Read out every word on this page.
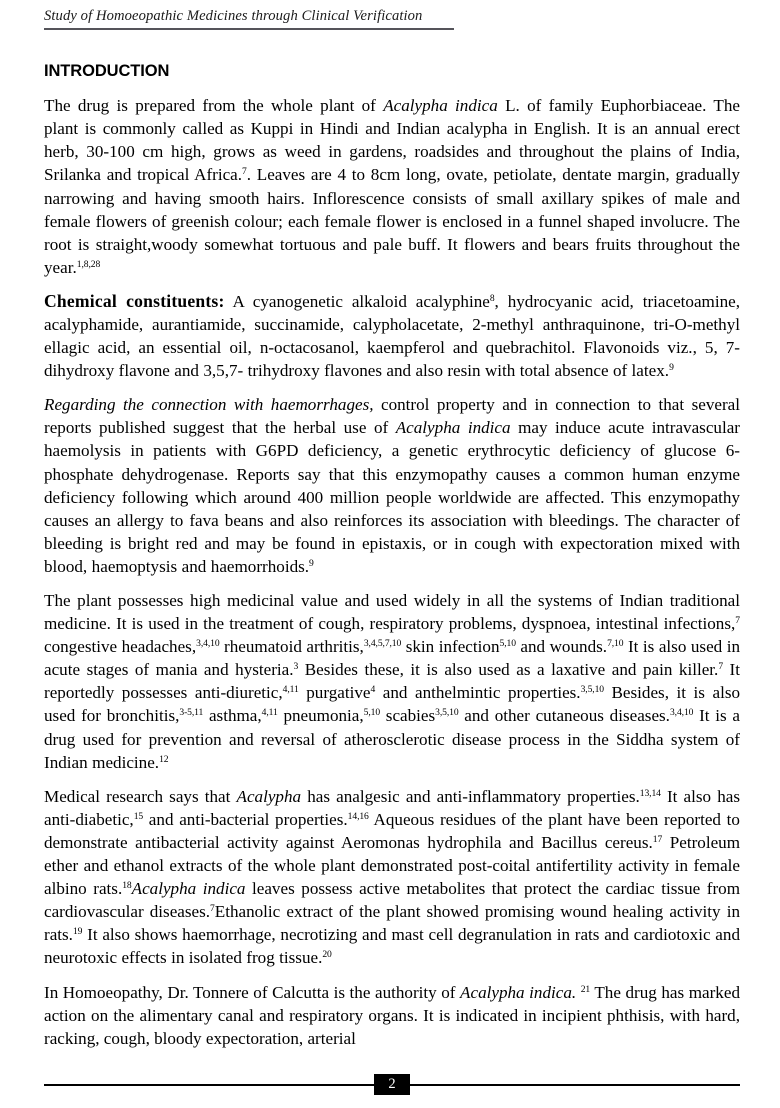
Study of Homoeopathic Medicines through Clinical Verification
INTRODUCTION

The drug is prepared from the whole plant of Acalypha indica L. of family Euphorbiaceae. The plant is commonly called as Kuppi in Hindi and Indian acalypha in English. It is an annual erect herb, 30-100 cm high, grows as weed in gardens, roadsides and throughout the plains of India, Srilanka and tropical Africa.$^7$. Leaves are 4 to 8cm long, ovate, petiolate, dentate margin, gradually narrowing and having smooth hairs. Inflorescence consists of small axillary spikes of male and female flowers of greenish colour; each female flower is enclosed in a funnel shaped involucre. The root is straight,woody somewhat tortuous and pale buff. It flowers and bears fruits throughout the year.$^{1,8,28}$

Chemical constituents: A cyanogenetic alkaloid acalyphine$^8$, hydrocyanic acid, triacetoamine, acalyphamide, aurantiamide, succinamide, calypholacetate, 2-methyl anthraquinone, tri-O-methyl ellagic acid, an essential oil, n-octacosanol, kaempferol and quebrachitol. Flavonoids viz., 5, 7-dihydroxy flavone and 3,5,7- trihydroxy flavones and also resin with total absence of latex.$^9$

Regarding the connection with haemorrhages, control property and in connection to that several reports published suggest that the herbal use of Acalypha indica may induce acute intravascular haemolysis in patients with G6PD deficiency, a genetic erythrocytic deficiency of glucose 6-phosphate dehydrogenase. Reports say that this enzymopathy causes a common human enzyme deficiency following which around 400 million people worldwide are affected. This enzymopathy causes an allergy to fava beans and also reinforces its association with bleedings. The character of bleeding is bright red and may be found in epistaxis, or in cough with expectoration mixed with blood, haemoptysis and haemorrhoids.$^9$

The plant possesses high medicinal value and used widely in all the systems of Indian traditional medicine. It is used in the treatment of cough, respiratory problems, dyspnoea, intestinal infections,$^7$ congestive headaches,$^{3,4,10}$ rheumatoid arthritis,$^{3,4,5,7,10}$ skin infection$^{5,10}$ and wounds.$^{7,10}$ It is also used in acute stages of mania and hysteria.$^3$ Besides these, it is also used as a laxative and pain killer.$^7$ It reportedly possesses anti-diuretic,$^{4,11}$ purgative$^4$ and anthelmintic properties.$^{3,5,10}$ Besides, it is also used for bronchitis,$^{3-5,11}$ asthma,$^{4,11}$ pneumonia,$^{5,10}$ scabies$^{3,5,10}$ and other cutaneous diseases.$^{3,4,10}$ It is a drug used for prevention and reversal of atherosclerotic disease process in the Siddha system of Indian medicine.$^{12}$

Medical research says that Acalypha has analgesic and anti-inflammatory properties.$^{13,14}$ It also has anti-diabetic,$^{15}$ and anti-bacterial properties.$^{14,16}$ Aqueous residues of the plant have been reported to demonstrate antibacterial activity against Aeromonas hydrophila and Bacillus cereus.$^{17}$ Petroleum ether and ethanol extracts of the whole plant demonstrated post-coital antifertility activity in female albino rats.$^{18}$Acalypha indica leaves possess active metabolites that protect the cardiac tissue from cardiovascular diseases.$^7$Ethanolic extract of the plant showed promising wound healing activity in rats.$^{19}$ It also shows haemorrhage, necrotizing and mast cell degranulation in rats and cardiotoxic and neurotoxic effects in isolated frog tissue.$^{20}$

In Homoeopathy, Dr. Tonnere of Calcutta is the authority of Acalypha indica. $^{21}$ The drug has marked action on the alimentary canal and respiratory organs. It is indicated in incipient phthisis, with hard, racking, cough, bloody expectoration, arterial

2
